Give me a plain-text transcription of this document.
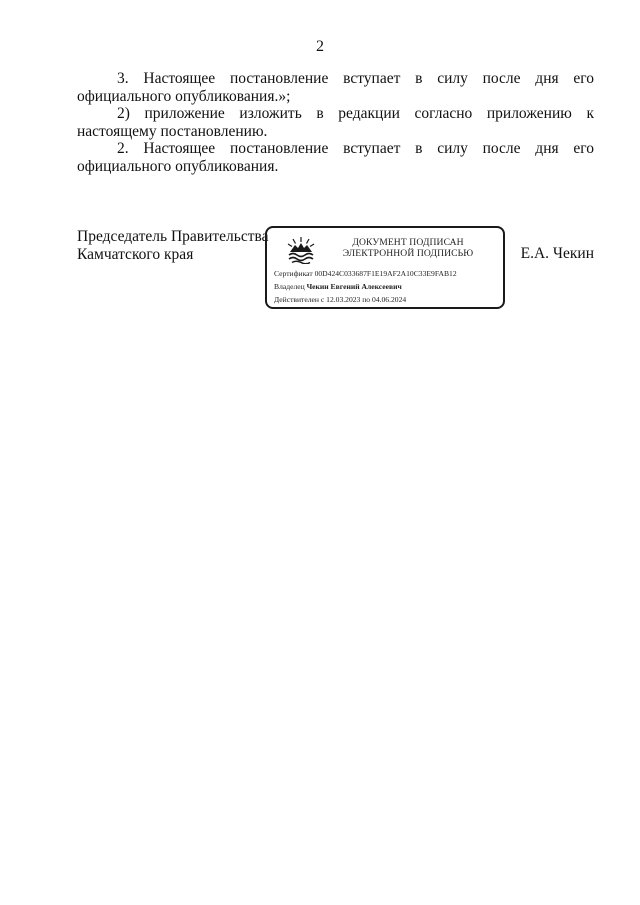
2

3. Настоящее постановление вступает в силу после дня его официального опубликования.»;

2) приложение изложить в редакции согласно приложению к настоящему постановлению.

2. Настоящее постановление вступает в силу после дня его официального опубликования.

Председатель Правительства
Камчатского края	Е.А. Чекин
ДОКУМЕНТ ПОДПИСАН
ЭЛЕКТРОННОЙ ПОДПИСЬЮ
Сертификат 00D424C033687F1E19AF2A10C33E9FAB12
Владелец Чекин Евгений Алексеевич
Действителен с 12.03.2023 по 04.06.2024
